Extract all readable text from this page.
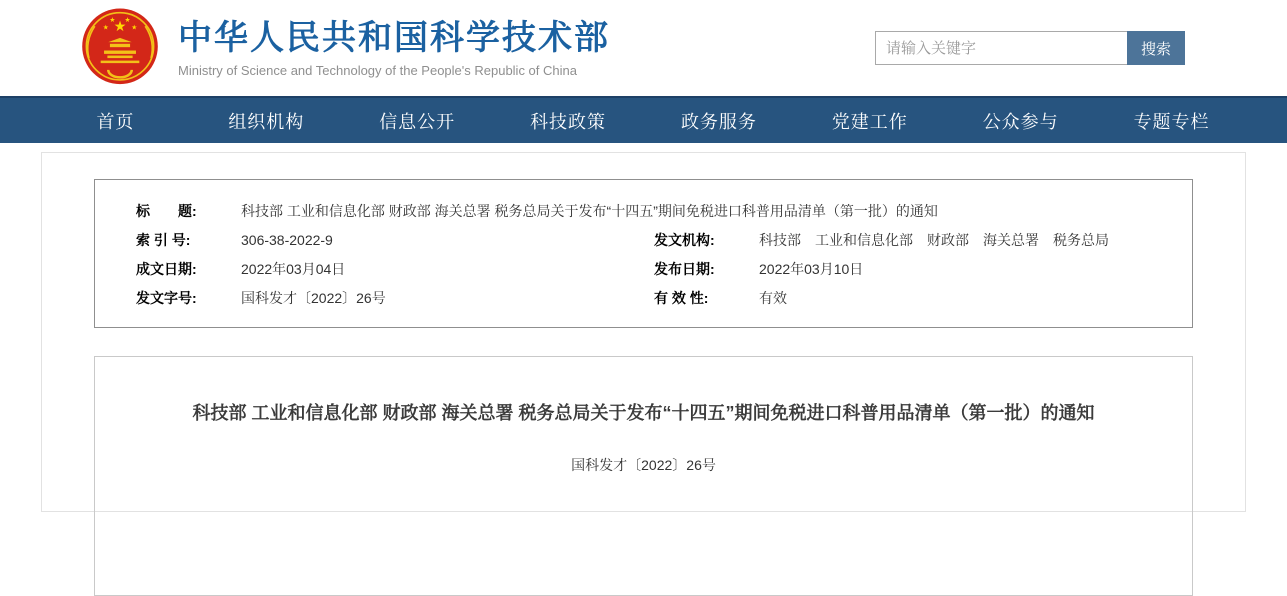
★
★
★ ★
★ 中华人民共和国科学技术部
Ministry of Science and Technology of the People's Republic of China
请输入关键字
搜索
首页	组织机构	信息公开	科技政策	政务服务	党建工作	公众参与	专题专栏
标　　题:	科技部 工业和信息化部 财政部 海关总署 税务总局关于发布“十四五”期间免税进口科普用品清单（第一批）的通知
索 引 号:	306-38-2022-9
成文日期:	2022年03月04日
发文字号:	国科发才〔2022〕26号
发文机构:	科技部　工业和信息化部　财政部　海关总署　税务总局
发布日期:	2022年03月10日
有 效 性:	有效
科技部 工业和信息化部 财政部 海关总署 税务总局关于发布“十四五”期间免税进口科普用品清单（第一批）的通知
国科发才〔2022〕26号
